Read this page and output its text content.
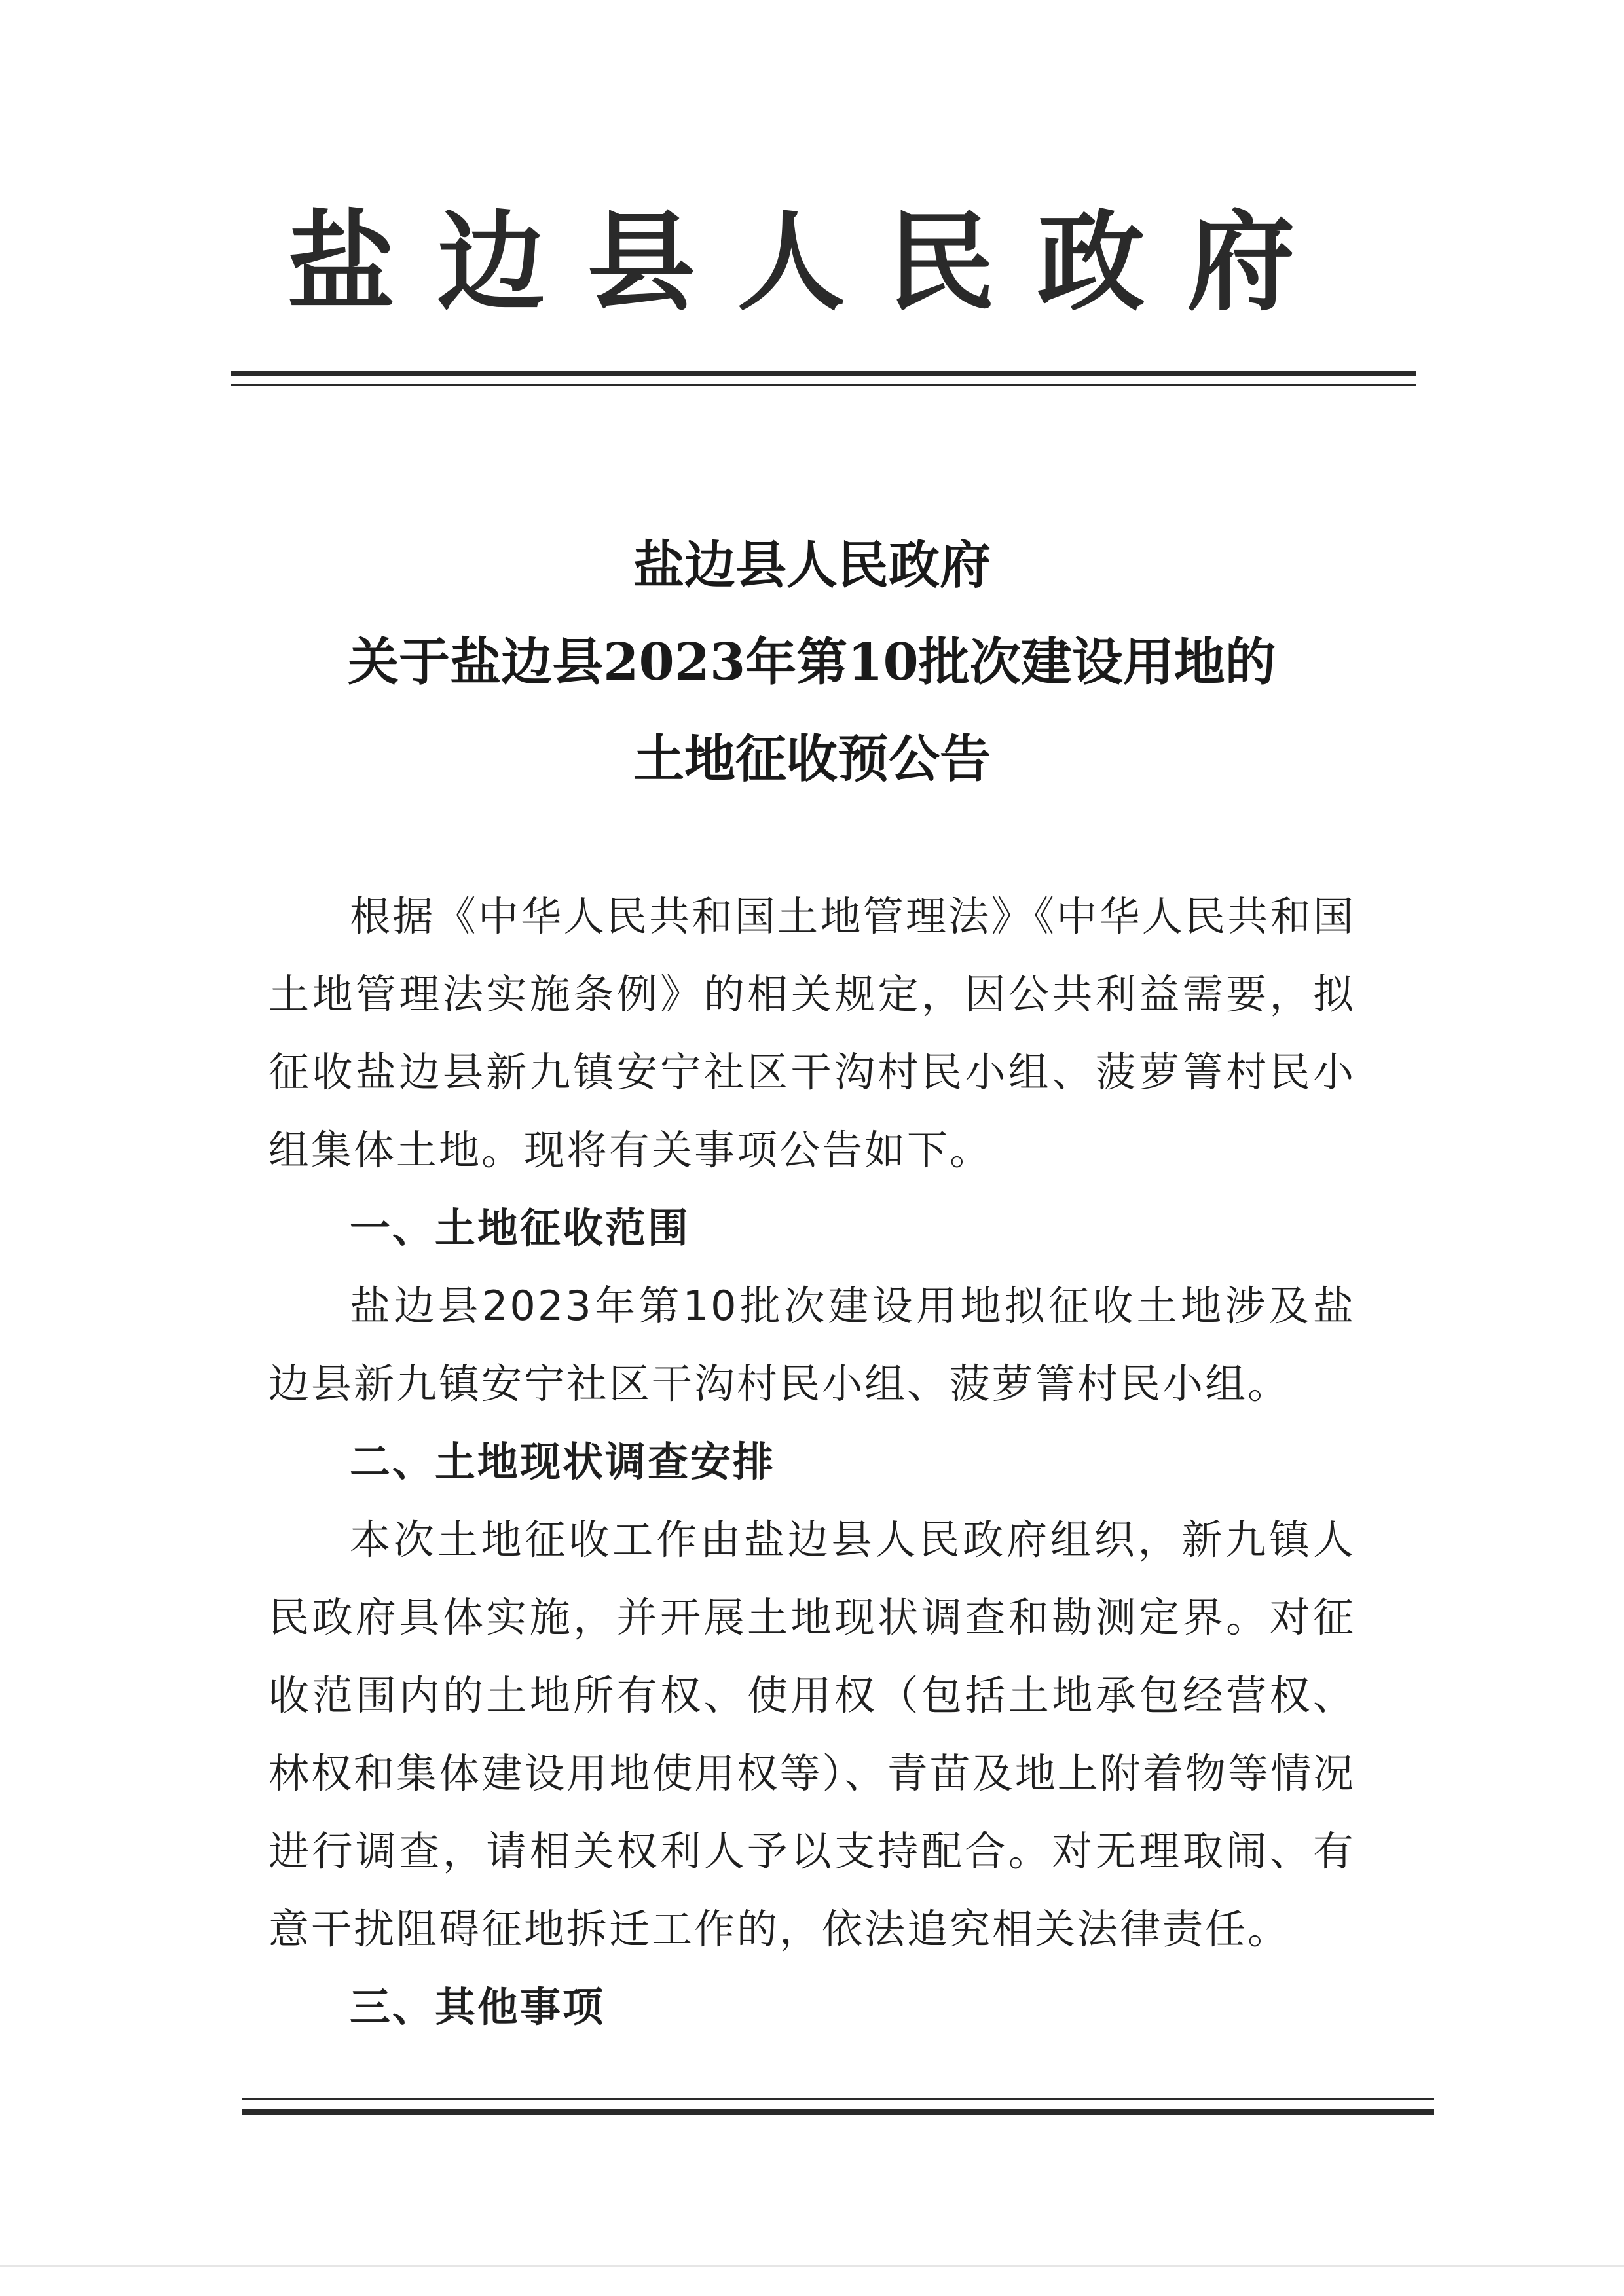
盐边县人民政府
盐边县人民政府
关于盐边县2023年第10批次建设用地的
土地征收预公告

根据《中华人民共和国土地管理法》《中华人民共和国土地管理法实施条例》的相关规定，因公共利益需要，拟征收盐边县新九镇安宁社区干沟村民小组、菠萝箐村民小组集体土地。现将有关事项公告如下。

一、土地征收范围

盐边县2023年第10批次建设用地拟征收土地涉及盐边县新九镇安宁社区干沟村民小组、菠萝箐村民小组。

二、土地现状调查安排

本次土地征收工作由盐边县人民政府组织，新九镇人民政府具体实施，并开展土地现状调查和勘测定界。对征收范围内的土地所有权、使用权（包括土地承包经营权、林权和集体建设用地使用权等）、青苗及地上附着物等情况进行调查，请相关权利人予以支持配合。对无理取闹、有意干扰阻碍征地拆迁工作的，依法追究相关法律责任。

三、其他事项
